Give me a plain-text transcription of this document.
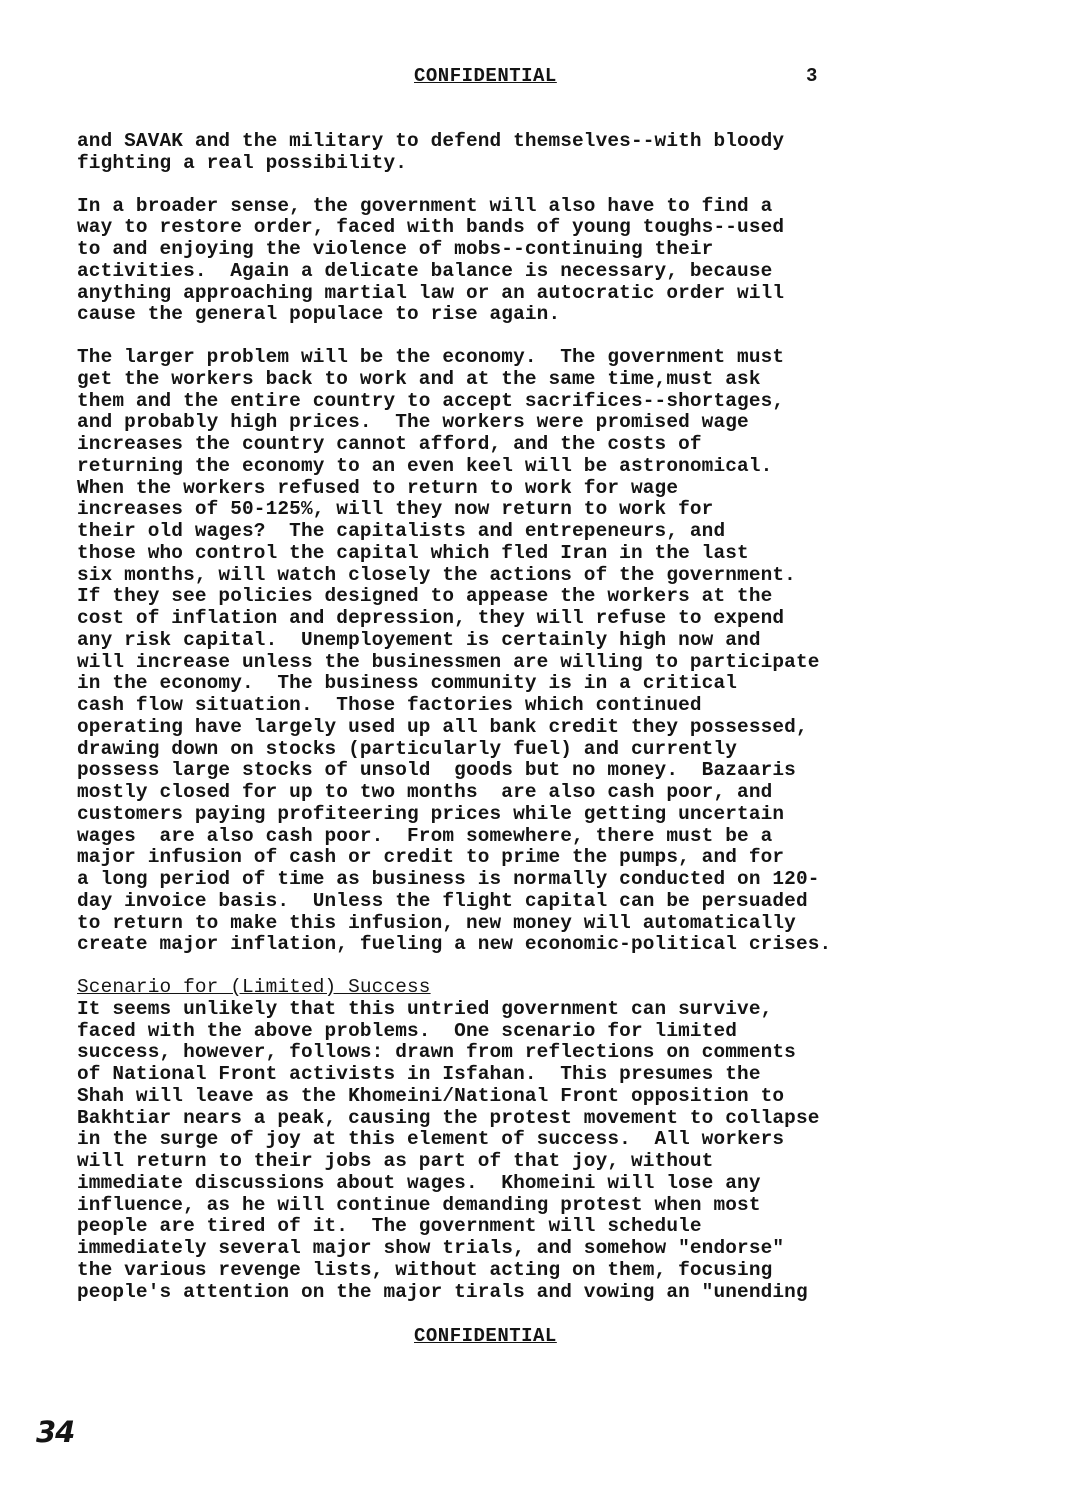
CONFIDENTIAL	3

and SAVAK and the military to defend themselves--with bloody
fighting a real possibility.

In a broader sense, the government will also have to find a
way to restore order, faced with bands of young toughs--used
to and enjoying the violence of mobs--continuing their
activities.  Again a delicate balance is necessary, because
anything approaching martial law or an autocratic order will
cause the general populace to rise again.

The larger problem will be the economy.  The government must
get the workers back to work and at the same time,must ask
them and the entire country to accept sacrifices--shortages,
and probably high prices.  The workers were promised wage
increases the country cannot afford, and the costs of
returning the economy to an even keel will be astronomical.
When the workers refused to return to work for wage
increases of 50-125%, will they now return to work for
their old wages?  The capitalists and entrepeneurs, and
those who control the capital which fled Iran in the last
six months, will watch closely the actions of the government.
If they see policies designed to appease the workers at the
cost of inflation and depression, they will refuse to expend
any risk capital.  Unemployement is certainly high now and
will increase unless the businessmen are willing to participate
in the economy.  The business community is in a critical
cash flow situation.  Those factories which continued
operating have largely used up all bank credit they possessed,
drawing down on stocks (particularly fuel) and currently
possess large stocks of unsold  goods but no money.  Bazaaris
mostly closed for up to two months  are also cash poor, and
customers paying profiteering prices while getting uncertain
wages  are also cash poor.  From somewhere, there must be a
major infusion of cash or credit to prime the pumps, and for
a long period of time as business is normally conducted on 120-
day invoice basis.  Unless the flight capital can be persuaded
to return to make this infusion, new money will automatically
create major inflation, fueling a new economic-political crises.

Scenario for (Limited) Success

It seems unlikely that this untried government can survive,
faced with the above problems.  One scenario for limited
success, however, follows: drawn from reflections on comments
of National Front activists in Isfahan.  This presumes the
Shah will leave as the Khomeini/National Front opposition to
Bakhtiar nears a peak, causing the protest movement to collapse
in the surge of joy at this element of success.  All workers
will return to their jobs as part of that joy, without
immediate discussions about wages.  Khomeini will lose any
influence, as he will continue demanding protest when most
people are tired of it.  The government will schedule
immediately several major show trials, and somehow "endorse"
the various revenge lists, without acting on them, focusing
people's attention on the major tirals and vowing an "unending

CONFIDENTIAL
34
